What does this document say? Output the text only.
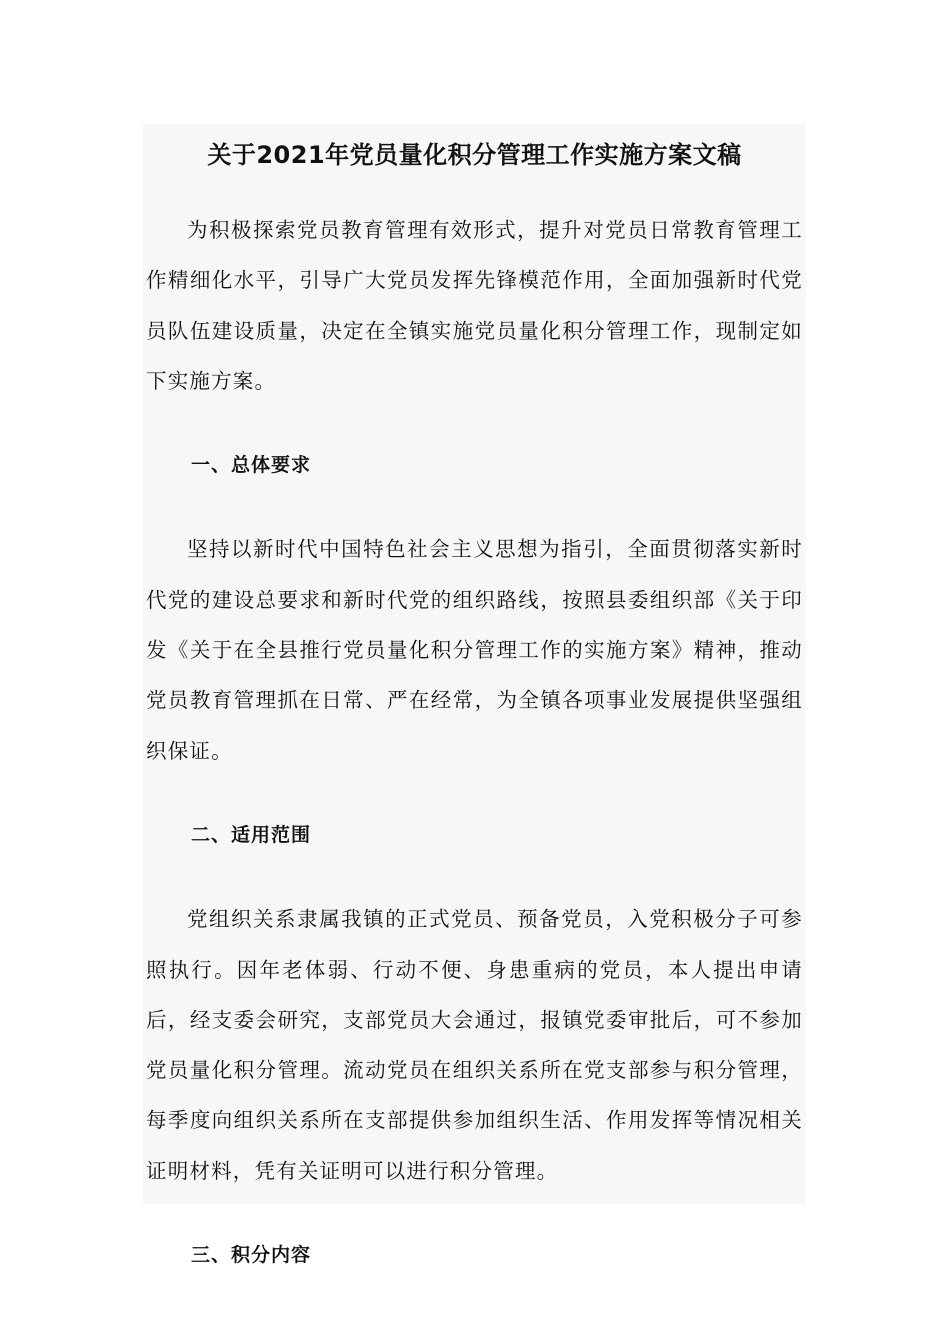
关于2021年党员量化积分管理工作实施方案文稿

为积极探索党员教育管理有效形式，提升对党员日常教育管理工作精细化水平，引导广大党员发挥先锋模范作用，全面加强新时代党员队伍建设质量，决定在全镇实施党员量化积分管理工作，现制定如下实施方案。

一、总体要求

坚持以新时代中国特色社会主义思想为指引，全面贯彻落实新时代党的建设总要求和新时代党的组织路线，按照县委组织部《关于印发《关于在全县推行党员量化积分管理工作的实施方案》精神，推动党员教育管理抓在日常、严在经常，为全镇各项事业发展提供坚强组织保证。

二、适用范围

党组织关系隶属我镇的正式党员、预备党员，入党积极分子可参照执行。因年老体弱、行动不便、身患重病的党员，本人提出申请后，经支委会研究，支部党员大会通过，报镇党委审批后，可不参加党员量化积分管理。流动党员在组织关系所在党支部参与积分管理，每季度向组织关系所在支部提供参加组织生活、作用发挥等情况相关证明材料，凭有关证明可以进行积分管理。

三、积分内容
